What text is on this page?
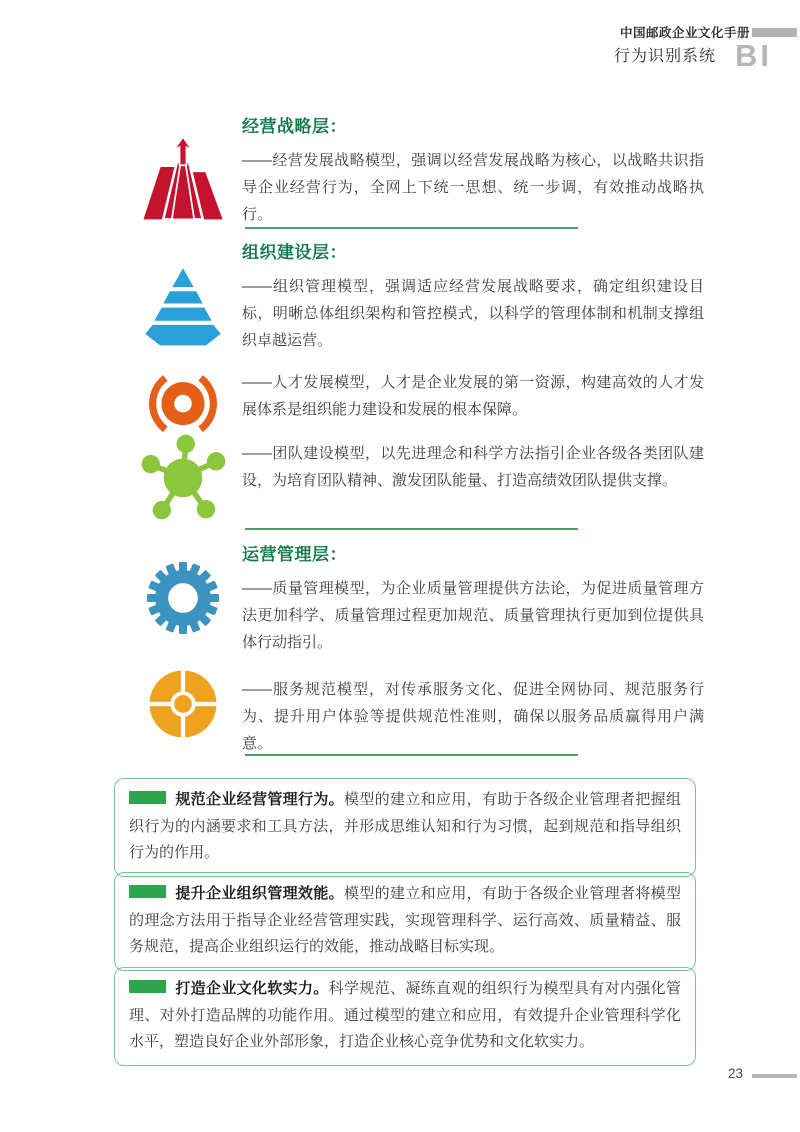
中国邮政企业文化手册
行为识别系统 BI
经营战略层：

——经营发展战略模型，强调以经营发展战略为核心，以战略共识指导企业经营行为，全网上下统一思想、统一步调，有效推动战略执行。

组织建设层：

——组织管理模型，强调适应经营发展战略要求，确定组织建设目标，明晰总体组织架构和管控模式，以科学的管理体制和机制支撑组织卓越运营。

——人才发展模型，人才是企业发展的第一资源，构建高效的人才发展体系是组织能力建设和发展的根本保障。

——团队建设模型，以先进理念和科学方法指引企业各级各类团队建设，为培育团队精神、激发团队能量、打造高绩效团队提供支撑。

运营管理层：

——质量管理模型，为企业质量管理提供方法论，为促进质量管理方法更加科学、质量管理过程更加规范、质量管理执行更加到位提供具体行动指引。

——服务规范模型，对传承服务文化、促进全网协同、规范服务行为、提升用户体验等提供规范性准则，确保以服务品质赢得用户满意。

规范企业经营管理行为。模型的建立和应用，有助于各级企业管理者把握组织行为的内涵要求和工具方法，并形成思维认知和行为习惯，起到规范和指导组织行为的作用。
提升企业组织管理效能。模型的建立和应用，有助于各级企业管理者将模型的理念方法用于指导企业经营管理实践，实现管理科学、运行高效、质量精益、服务规范，提高企业组织运行的效能，推动战略目标实现。
打造企业文化软实力。科学规范、凝练直观的组织行为模型具有对内强化管理、对外打造品牌的功能作用。通过模型的建立和应用，有效提升企业管理科学化水平，塑造良好企业外部形象，打造企业核心竞争优势和文化软实力。
23
